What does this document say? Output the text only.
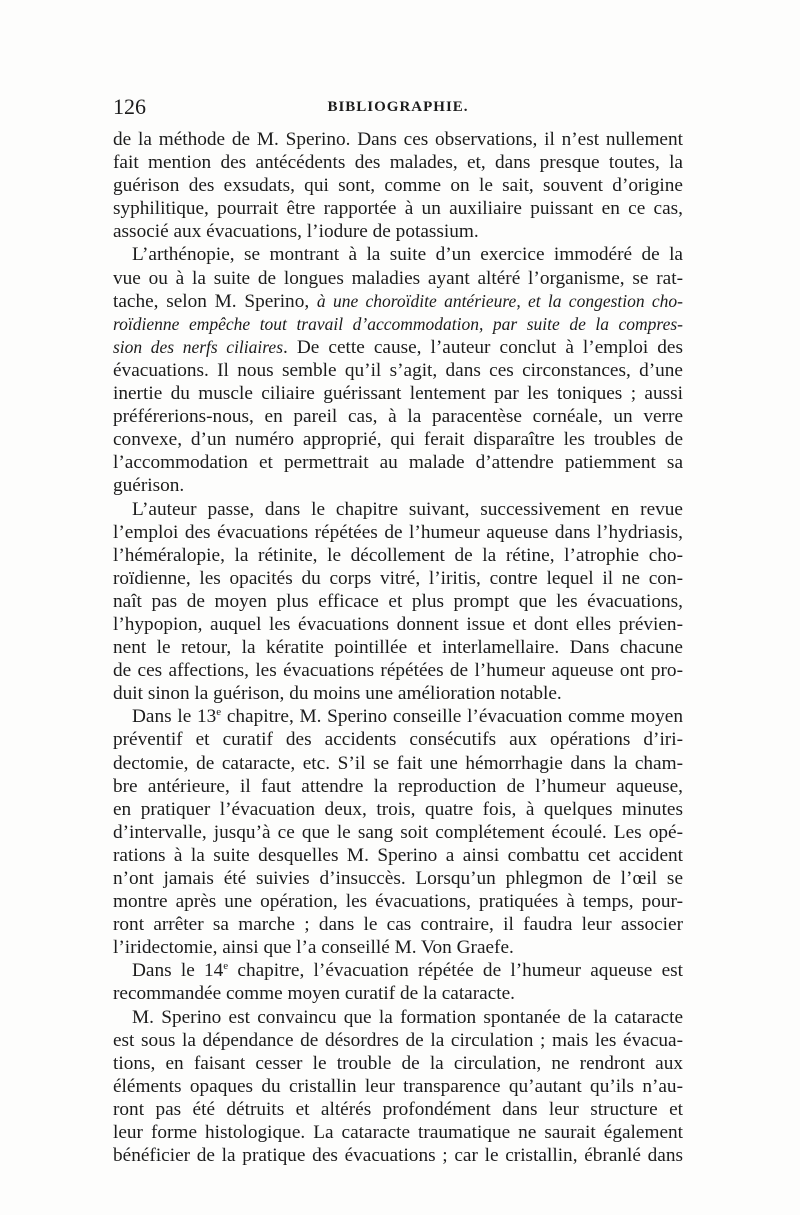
126	BIBLIOGRAPHIE.
de la méthode de M. Sperino. Dans ces observations, il n’est nullement
fait mention des antécédents des malades, et, dans presque toutes, la
guérison des exsudats, qui sont, comme on le sait, souvent d’origine
syphilitique, pourrait être rapportée à un auxiliaire puissant en ce cas,
associé aux évacuations, l’iodure de potassium.
L’arthénopie, se montrant à la suite d’un exercice immodéré de la
vue ou à la suite de longues maladies ayant altéré l’organisme, se rat-
tache, selon M. Sperino, à une choroïdite antérieure, et la congestion cho-
roïdienne empêche tout travail d’accommodation, par suite de la compres-
sion des nerfs ciliaires. De cette cause, l’auteur conclut à l’emploi des
évacuations. Il nous semble qu’il s’agit, dans ces circonstances, d’une
inertie du muscle ciliaire guérissant lentement par les toniques ; aussi
préférerions-nous, en pareil cas, à la paracentèse cornéale, un verre
convexe, d’un numéro approprié, qui ferait disparaître les troubles de
l’accommodation et permettrait au malade d’attendre patiemment sa
guérison.
L’auteur passe, dans le chapitre suivant, successivement en revue
l’emploi des évacuations répétées de l’humeur aqueuse dans l’hydriasis,
l’héméralopie, la rétinite, le décollement de la rétine, l’atrophie cho-
roïdienne, les opacités du corps vitré, l’iritis, contre lequel il ne con-
naît pas de moyen plus efficace et plus prompt que les évacuations,
l’hypopion, auquel les évacuations donnent issue et dont elles prévien-
nent le retour, la kératite pointillée et interlamellaire. Dans chacune
de ces affections, les évacuations répétées de l’humeur aqueuse ont pro-
duit sinon la guérison, du moins une amélioration notable.
Dans le 13e chapitre, M. Sperino conseille l’évacuation comme moyen
préventif et curatif des accidents consécutifs aux opérations d’iri-
dectomie, de cataracte, etc. S’il se fait une hémorrhagie dans la cham-
bre antérieure, il faut attendre la reproduction de l’humeur aqueuse,
en pratiquer l’évacuation deux, trois, quatre fois, à quelques minutes
d’intervalle, jusqu’à ce que le sang soit complétement écoulé. Les opé-
rations à la suite desquelles M. Sperino a ainsi combattu cet accident
n’ont jamais été suivies d’insuccès. Lorsqu’un phlegmon de l’œil se
montre après une opération, les évacuations, pratiquées à temps, pour-
ront arrêter sa marche ; dans le cas contraire, il faudra leur associer
l’iridectomie, ainsi que l’a conseillé M. Von Graefe.
Dans le 14e chapitre, l’évacuation répétée de l’humeur aqueuse est
recommandée comme moyen curatif de la cataracte.
M. Sperino est convaincu que la formation spontanée de la cataracte
est sous la dépendance de désordres de la circulation ; mais les évacua-
tions, en faisant cesser le trouble de la circulation, ne rendront aux
éléments opaques du cristallin leur transparence qu’autant qu’ils n’au-
ront pas été détruits et altérés profondément dans leur structure et
leur forme histologique. La cataracte traumatique ne saurait également
bénéficier de la pratique des évacuations ; car le cristallin, ébranlé dans
